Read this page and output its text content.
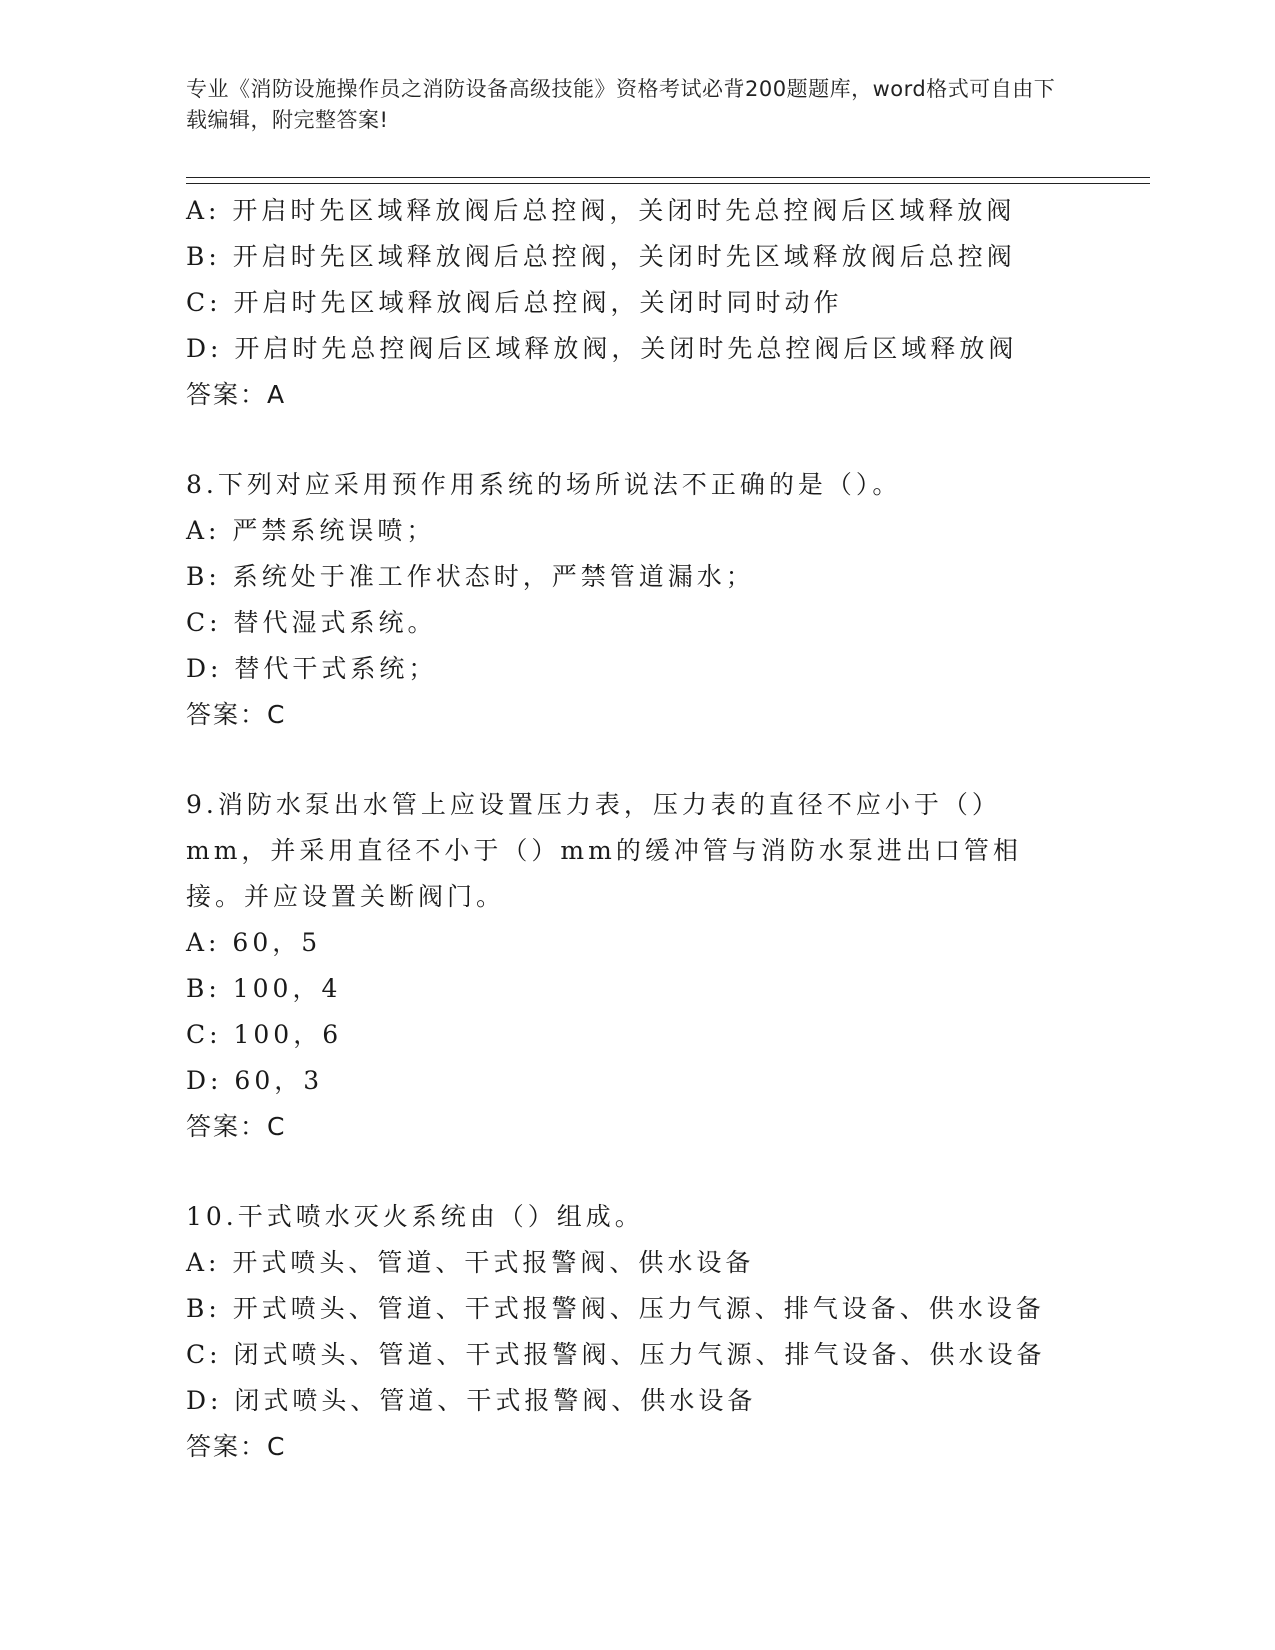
专业《消防设施操作员之消防设备高级技能》资格考试必背200题题库，word格式可自由下载编辑，附完整答案!
A: 开启时先区域释放阀后总控阀，关闭时先总控阀后区域释放阀
B: 开启时先区域释放阀后总控阀，关闭时先区域释放阀后总控阀
C: 开启时先区域释放阀后总控阀，关闭时同时动作
D: 开启时先总控阀后区域释放阀，关闭时先总控阀后区域释放阀
答案：A
8.下列对应采用预作用系统的场所说法不正确的是（）。
A: 严禁系统误喷；
B: 系统处于准工作状态时，严禁管道漏水；
C: 替代湿式系统。
D: 替代干式系统；
答案：C
9.消防水泵出水管上应设置压力表，压力表的直径不应小于（）mm，并采用直径不小于（）mm的缓冲管与消防水泵进出口管相接。并应设置关断阀门。
A: 60，5
B: 100，4
C: 100，6
D: 60，3
答案：C
10.干式喷水灭火系统由（）组成。
A: 开式喷头、管道、干式报警阀、供水设备
B: 开式喷头、管道、干式报警阀、压力气源、排气设备、供水设备
C: 闭式喷头、管道、干式报警阀、压力气源、排气设备、供水设备
D: 闭式喷头、管道、干式报警阀、供水设备
答案：C
